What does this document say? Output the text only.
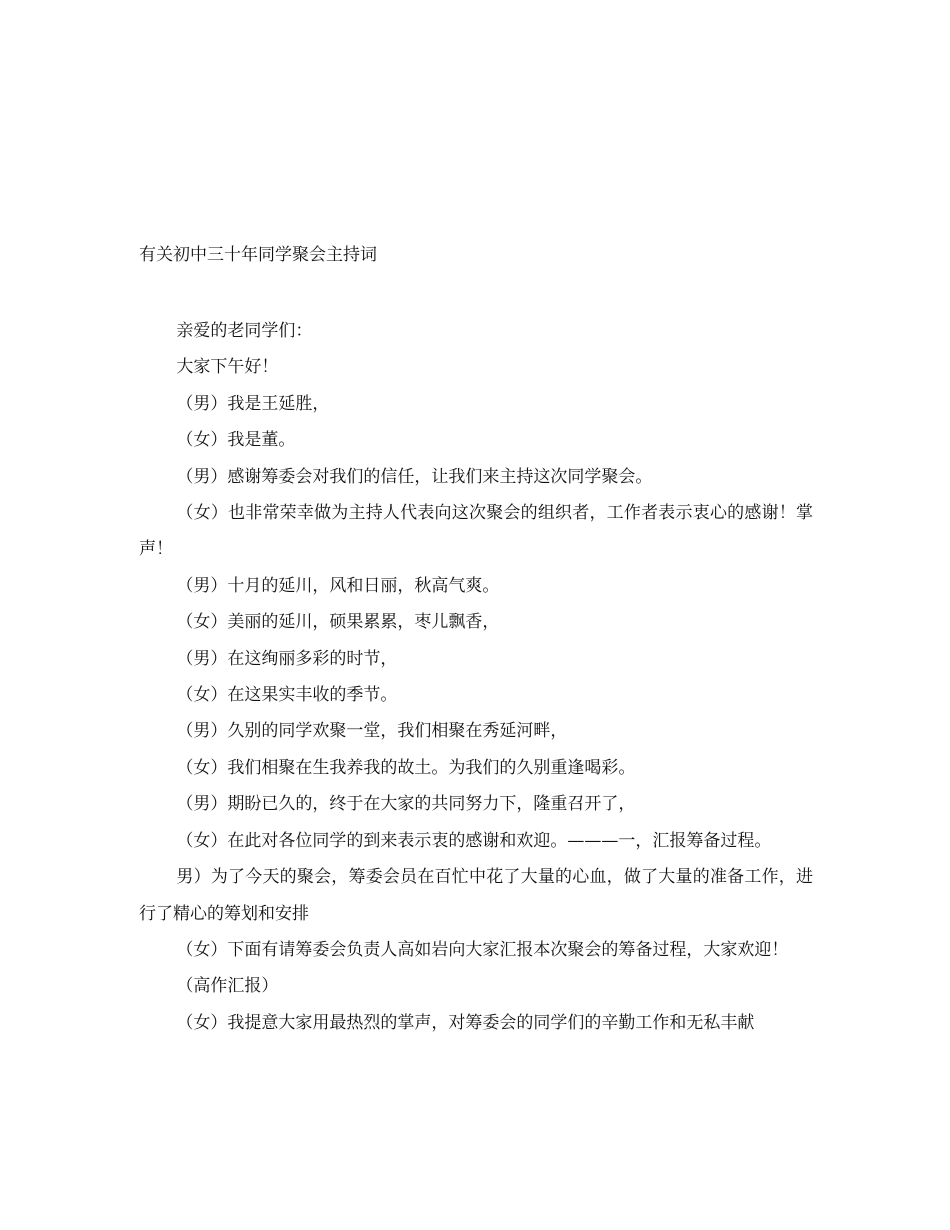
有关初中三十年同学聚会主持词

亲爱的老同学们：

大家下午好！

（男）我是王延胜，

（女）我是董。

（男）感谢筹委会对我们的信任，让我们来主持这次同学聚会。

（女）也非常荣幸做为主持人代表向这次聚会的组织者，工作者表示衷心的感谢！掌声！

（男）十月的延川，风和日丽，秋高气爽。

（女）美丽的延川，硕果累累，枣儿飘香，

（男）在这绚丽多彩的时节，

（女）在这果实丰收的季节。

（男）久别的同学欢聚一堂，我们相聚在秀延河畔，

（女）我们相聚在生我养我的故土。为我们的久别重逢喝彩。

（男）期盼已久的，终于在大家的共同努力下，隆重召开了，

（女）在此对各位同学的到来表示衷的感谢和欢迎。———一，汇报筹备过程。

男）为了今天的聚会，筹委会员在百忙中花了大量的心血，做了大量的准备工作，进行了精心的筹划和安排

（女）下面有请筹委会负责人高如岩向大家汇报本次聚会的筹备过程，大家欢迎！

（高作汇报）

（女）我提意大家用最热烈的掌声，对筹委会的同学们的辛勤工作和无私丰献
